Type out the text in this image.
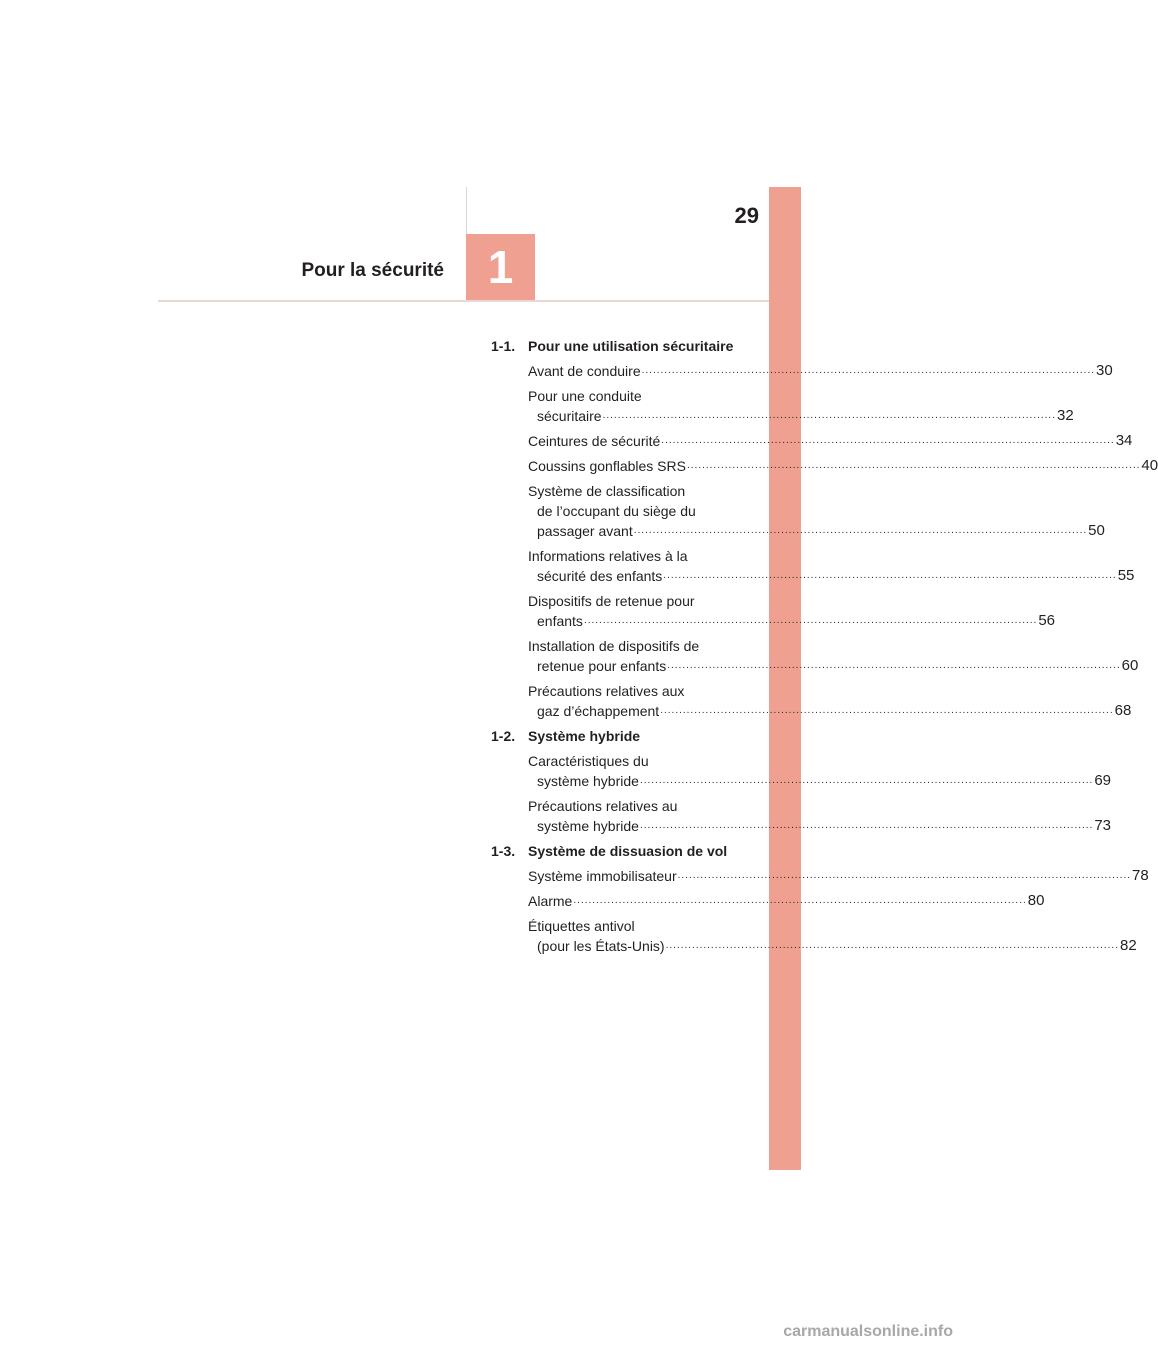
29
1
Pour la sécurité
1-1. Pour une utilisation sécuritaire
Avant de conduire ........................................................................................................................ 30
Pour une conduite
sécuritaire ........................................................................................................................ 32
Ceintures de sécurité ........................................................................................................................ 34
Coussins gonflables SRS ........................................................................................................................ 40
Système de classification
de l’occupant du siège du
passager avant ........................................................................................................................ 50
Informations relatives à la
sécurité des enfants ........................................................................................................................ 55
Dispositifs de retenue pour
enfants ........................................................................................................................ 56
Installation de dispositifs de
retenue pour enfants ........................................................................................................................ 60
Précautions relatives aux
gaz d’échappement ........................................................................................................................ 68
1-2. Système hybride
Caractéristiques du
système hybride ........................................................................................................................ 69
Précautions relatives au
système hybride ........................................................................................................................ 73
1-3. Système de dissuasion de vol
Système immobilisateur ........................................................................................................................ 78
Alarme ........................................................................................................................ 80
Étiquettes antivol
(pour les États-Unis) ........................................................................................................................ 82
carmanualsonline.info
